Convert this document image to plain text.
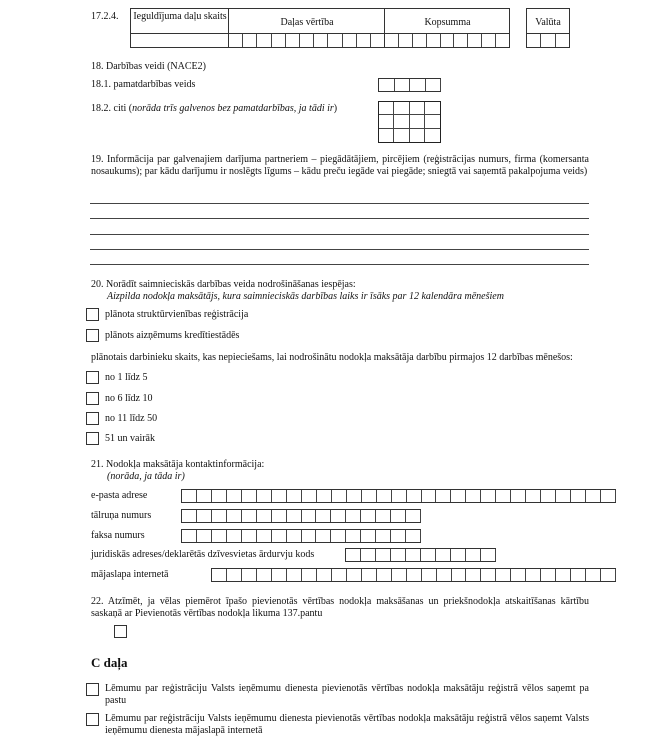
17.2.4. Ieguldījuma daļu skaits
Daļas vērtība	Kopsumma	Valūta
18. Darbības veidi (NACE2)
18.1. pamatdarbības veids
18.2. citi (norāda trīs galvenos bez pamatdarbības, ja tādi ir)
19. Informācija par galvenajiem darījuma partneriem – piegādātājiem, pircējiem (reģistrācijas numurs, firma (komersanta nosaukums); par kādu darījumu ir noslēgts līgums – kādu preču iegāde vai piegāde; sniegtā vai saņemtā pakalpojuma veids)
20. Norādīt saimnieciskās darbības veida nodrošināšanas iespējas:
Aizpilda nodokļa maksātājs, kura saimnieciskās darbības laiks ir īsāks par 12 kalendāra mēnešiem
plānota struktūrvienības reģistrācija
plānots aizņēmums kredītiestādēs
plānotais darbinieku skaits, kas nepieciešams, lai nodrošinātu nodokļa maksātāja darbību pirmajos 12 darbības mēnešos:
no 1 līdz 5
no 6 līdz 10
no 11 līdz 50
51 un vairāk
21. Nodokļa maksātāja kontaktinformācija:
(norāda, ja tāda ir)
e-pasta adrese
tālruņa numurs
faksa numurs
juridiskās adreses/deklarētās dzīvesvietas ārdurvju kods
mājaslapa internetā
22. Atzīmēt, ja vēlas piemērot īpašo pievienotās vērtības nodokļa maksāšanas un priekšnodokļa atskaitīšanas kārtību saskaņā ar Pievienotās vērtības nodokļa likuma 137.pantu
C daļa
Lēmumu par reģistrāciju Valsts ieņēmumu dienesta pievienotās vērtības nodokļa maksātāju reģistrā vēlos saņemt pa pastu
Lēmumu par reģistrāciju Valsts ieņēmumu dienesta pievienotās vērtības nodokļa maksātāju reģistrā vēlos saņemt Valsts ieņēmumu dienesta mājaslapā internetā
